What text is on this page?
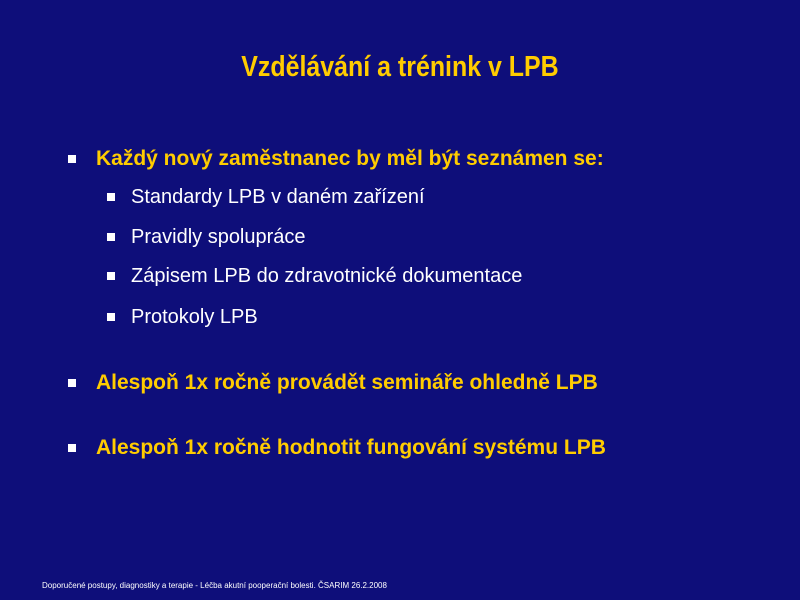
Vzdělávání a trénink v LPB
Každý nový zaměstnanec by měl být seznámen se:
Standardy LPB v daném zařízení
Pravidly spolupráce
Zápisem LPB do zdravotnické dokumentace
Protokoly LPB
Alespoň 1x ročně provádět semináře ohledně LPB
Alespoň 1x ročně hodnotit fungování systému LPB
Doporučené postupy, diagnostiky a terapie - Léčba akutní pooperační bolesti. ČSARIM 26.2.2008
